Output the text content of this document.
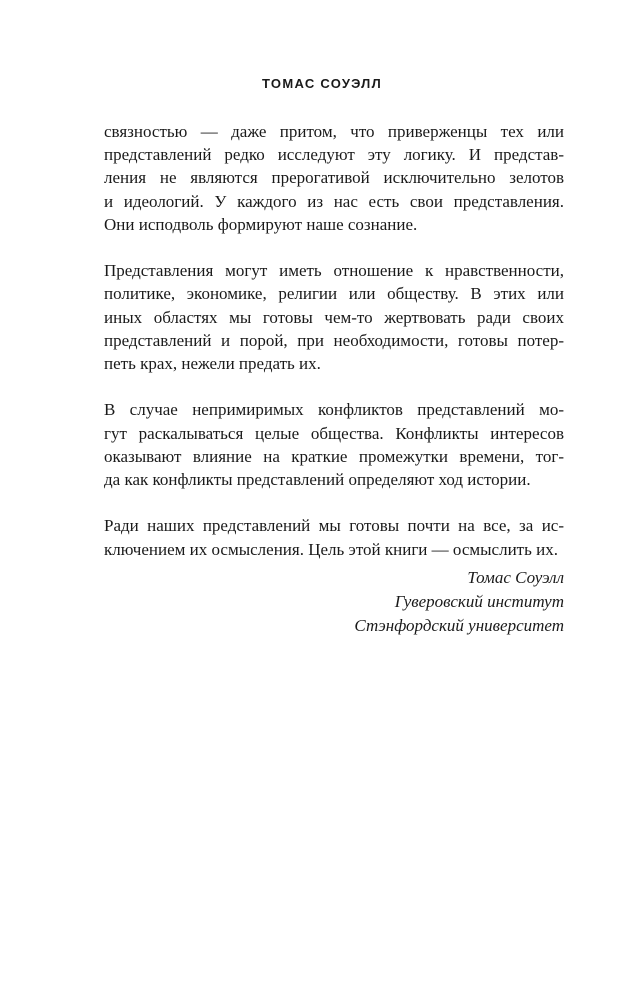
ТОМАС СОУЭЛЛ

связностью — даже притом, что приверженцы тех или
представлений редко исследуют эту логику. И представ-
ления не являются прерогативой исключительно зелотов
и идеологий. У каждого из нас есть свои представления.
Они исподволь формируют наше сознание.

Представления могут иметь отношение к нравственности,
политике, экономике, религии или обществу. В этих или
иных областях мы готовы чем-то жертвовать ради своих
представлений и порой, при необходимости, готовы потер-
петь крах, нежели предать их.

В случае непримиримых конфликтов представлений мо-
гут раскалываться целые общества. Конфликты интересов
оказывают влияние на краткие промежутки времени, тог-
да как конфликты представлений определяют ход истории.

Ради наших представлений мы готовы почти на все, за ис-
ключением их осмысления. Цель этой книги — осмыслить их.

Томас Соуэлл
Гуверовский институт
Стэнфордский университет
